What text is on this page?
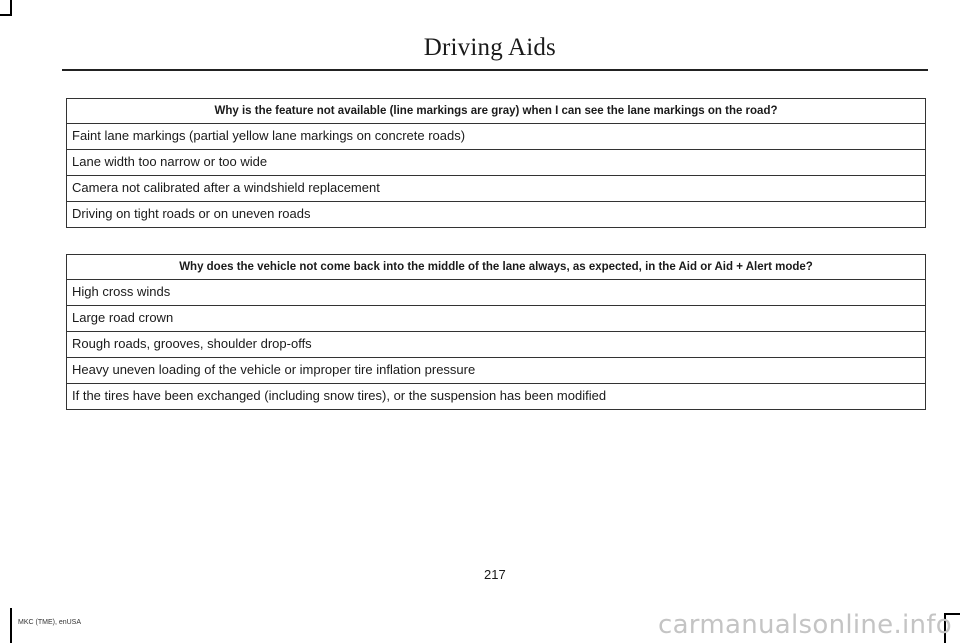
Driving Aids
Why is the feature not available (line markings are gray) when I can see the lane markings on the road?
Faint lane markings (partial yellow lane markings on concrete roads)
Lane width too narrow or too wide
Camera not calibrated after a windshield replacement
Driving on tight roads or on uneven roads
Why does the vehicle not come back into the middle of the lane always, as expected, in the Aid or Aid + Alert mode?
High cross winds
Large road crown
Rough roads, grooves, shoulder drop-offs
Heavy uneven loading of the vehicle or improper tire inflation pressure
If the tires have been exchanged (including snow tires), or the suspension has been modified
217
MKC (TME), enUSA	carmanualsonline.info
